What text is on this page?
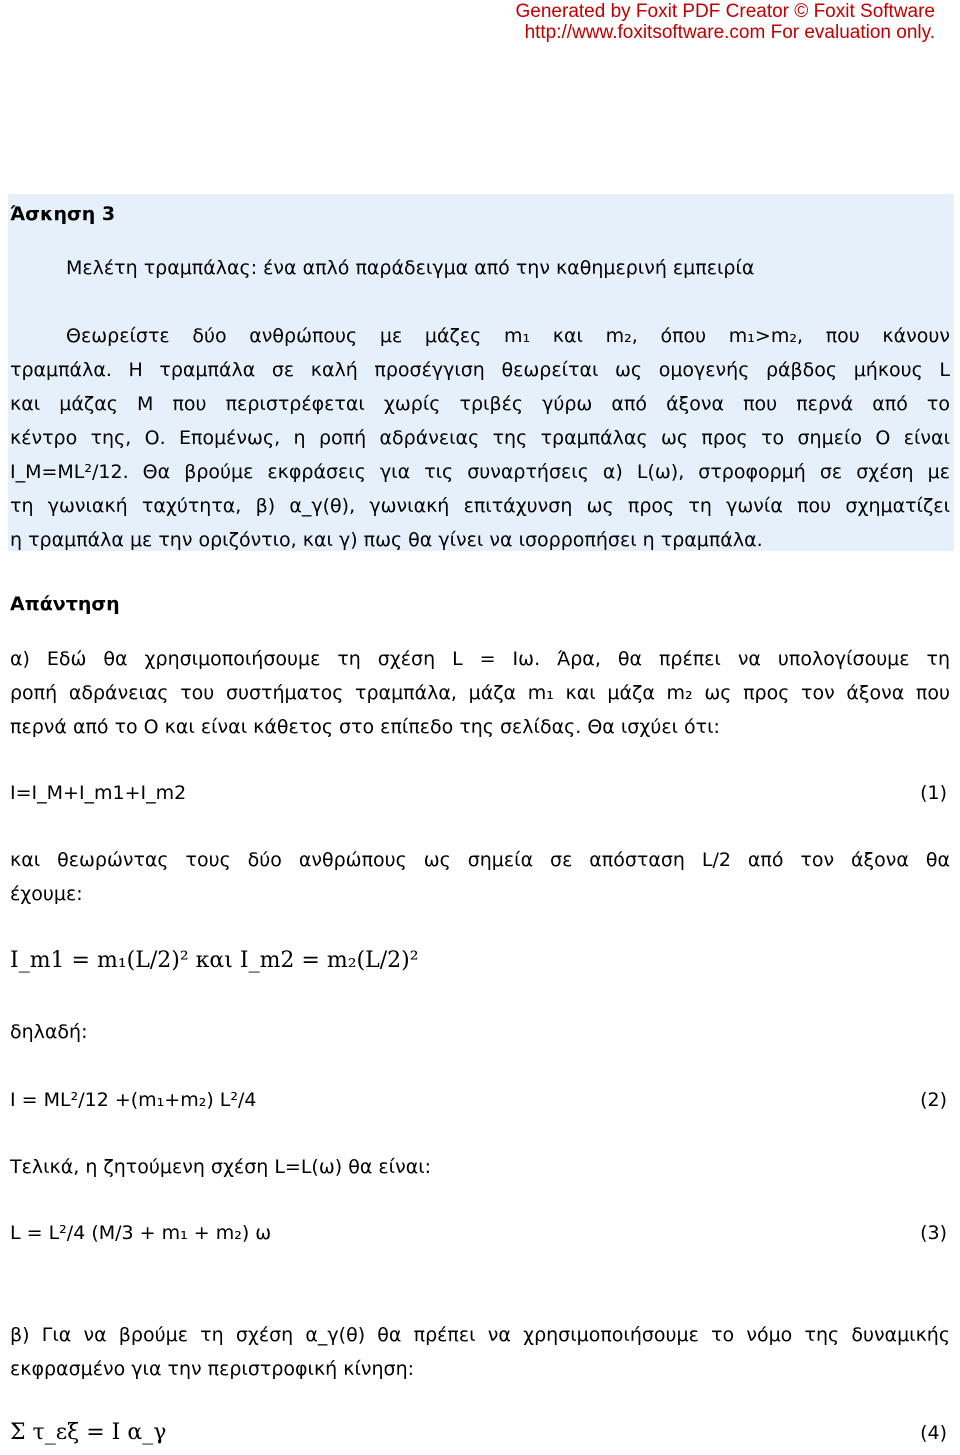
Generated by Foxit PDF Creator © Foxit Software
http://www.foxitsoftware.com For evaluation only.
Άσκηση 3
Μελέτη τραμπάλας: ένα απλό παράδειγμα από την καθημερινή εμπειρία
Θεωρείστε δύο ανθρώπους με μάζες m₁ και m₂, όπου m₁>m₂, που κάνουν
τραμπάλα. Η τραμπάλα σε καλή προσέγγιση θεωρείται ως ομογενής ράβδος μήκους L
και μάζας Μ που περιστρέφεται χωρίς τριβές γύρω από άξονα που περνά από το
κέντρο της, Ο. Επομένως, η ροπή αδράνειας της τραμπάλας ως προς το σημείο Ο είναι
I_M=ML²/12. Θα βρούμε εκφράσεις για τις συναρτήσεις α) L(ω), στροφορμή σε σχέση με
τη γωνιακή ταχύτητα, β) α_γ(θ), γωνιακή επιτάχυνση ως προς τη γωνία που σχηματίζει
η τραμπάλα με την οριζόντιο, και γ) πως θα γίνει να ισορροπήσει η τραμπάλα.
Απάντηση
α) Εδώ θα χρησιμοποιήσουμε τη σχέση L = Iω. Άρα, θα πρέπει να υπολογίσουμε τη
ροπή αδράνειας του συστήματος τραμπάλα, μάζα m₁ και μάζα m₂ ως προς τον άξονα που
περνά από το Ο και είναι κάθετος στο επίπεδο της σελίδας. Θα ισχύει ότι:
I=I_M+I_m1+I_m2	(1)
και θεωρώντας τους δύο ανθρώπους ως σημεία σε απόσταση L/2 από τον άξονα θα
έχουμε:
I_m1 = m₁(L/2)² και I_m2 = m₂(L/2)²
δηλαδή:
I = ML²/12 +(m₁+m₂) L²/4	(2)
Τελικά, η ζητούμενη σχέση L=L(ω) θα είναι:
L = L²/4 (M/3 + m₁ + m₂) ω	(3)
β) Για να βρούμε τη σχέση α_γ(θ) θα πρέπει να χρησιμοποιήσουμε το νόμο της δυναμικής
εκφρασμένο για την περιστροφική κίνηση:
Σ τ_εξ = I α_γ	(4)
